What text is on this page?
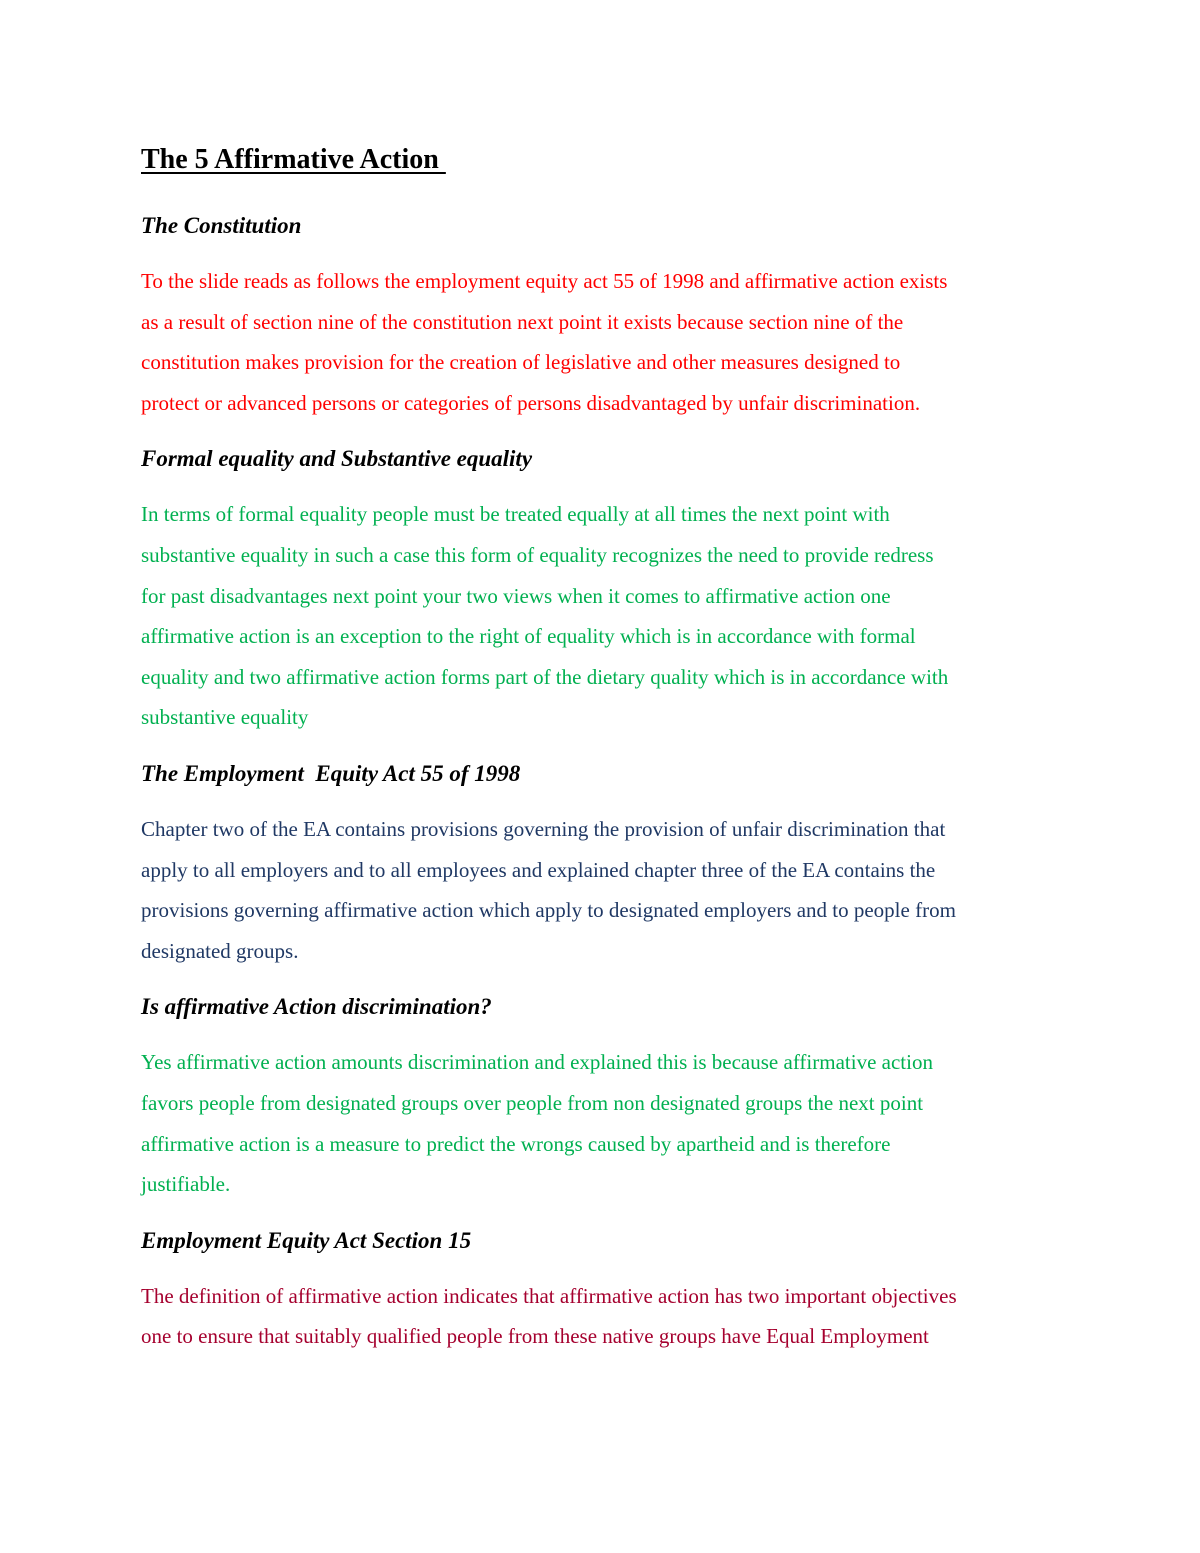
The 5 Affirmative Action
The Constitution
To the slide reads as follows the employment equity act 55 of 1998 and affirmative action exists
as a result of section nine of the constitution next point it exists because section nine of the
constitution makes provision for the creation of legislative and other measures designed to
protect or advanced persons or categories of persons disadvantaged by unfair discrimination.
Formal equality and Substantive equality
In terms of formal equality people must be treated equally at all times the next point with
substantive equality in such a case this form of equality recognizes the need to provide redress
for past disadvantages next point your two views when it comes to affirmative action one
affirmative action is an exception to the right of equality which is in accordance with formal
equality and two affirmative action forms part of the dietary quality which is in accordance with
substantive equality
The Employment  Equity Act 55 of 1998
Chapter two of the EA contains provisions governing the provision of unfair discrimination that
apply to all employers and to all employees and explained chapter three of the EA contains the
provisions governing affirmative action which apply to designated employers and to people from
designated groups.
Is affirmative Action discrimination?
Yes affirmative action amounts discrimination and explained this is because affirmative action
favors people from designated groups over people from non designated groups the next point
affirmative action is a measure to predict the wrongs caused by apartheid and is therefore
justifiable.
Employment Equity Act Section 15
The definition of affirmative action indicates that affirmative action has two important objectives
one to ensure that suitably qualified people from these native groups have Equal Employment
